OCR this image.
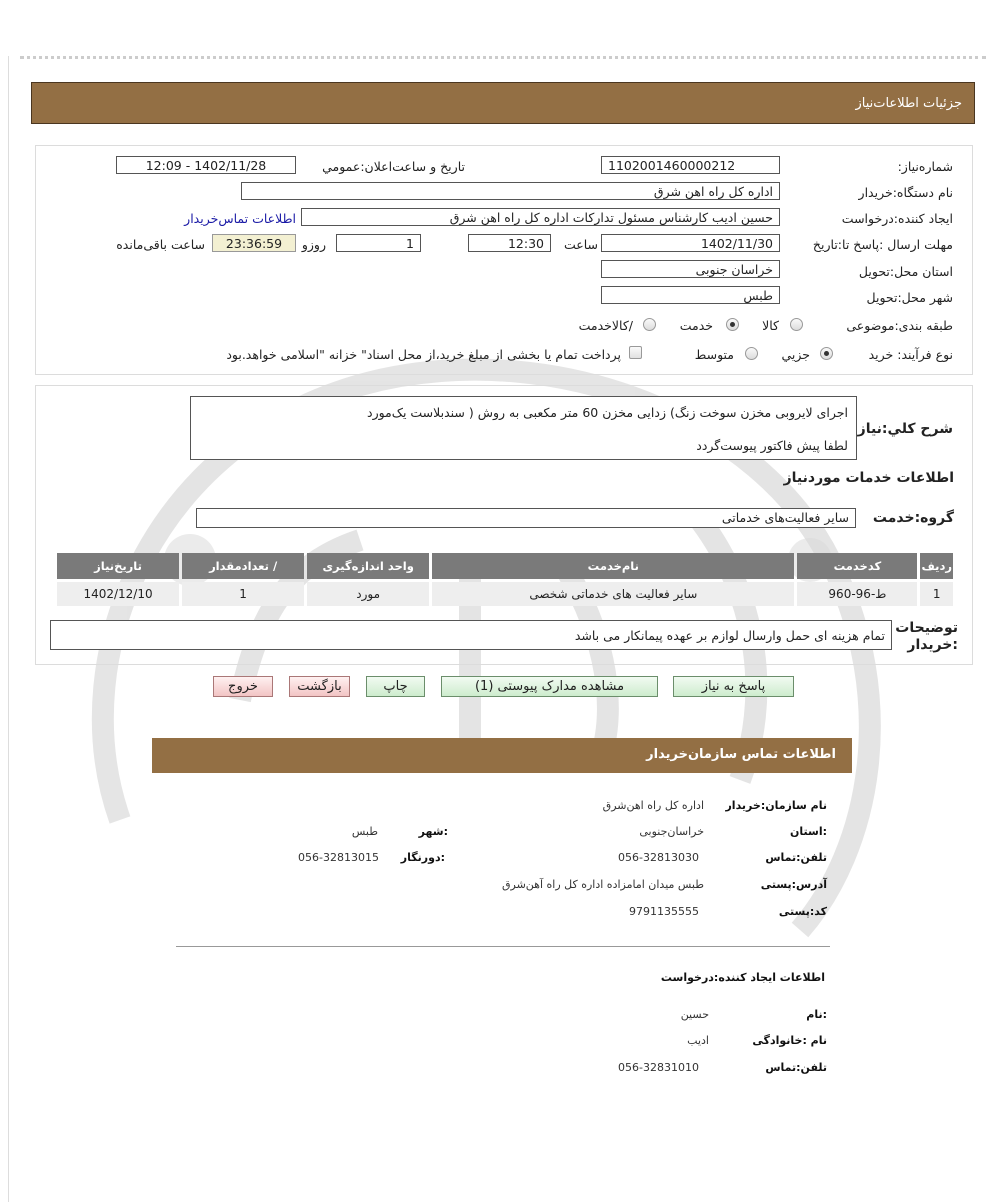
جزئیات اطلاعات‌نیاز
شماره‌نیاز:
1102001460000212
تاریخ و ساعت‌اعلان‌:عمومي
1402/11/28 - 12:09
نام دستگاه:خریدار
اداره کل راه اهن شرق
ایجاد کننده:درخواست
حسین ادیب کارشناس مسئول تدارکات اداره کل راه اهن شرق
اطلاعات تماس‌خریدار
مهلت ارسال :پاسخ تا:تاریخ
1402/11/30
ساعت
12:30
1
روزو
23:36:59
ساعت باقی‌مانده
استان محل:تحویل
خراسان جنوبی
شهر محل:تحویل
طبس
طبقه بندی:موضوعی
کالا
خدمت
/کالاخدمت
نوع فرآیند: خرید
جزیي
متوسط
پرداخت تمام یا بخشی از مبلغ خرید،از محل اسناد" خزانه "اسلامی خواهد.بود
شرح کلي:نیاز
اجرای لایروبی مخزن سوخت زنگ) زدایی مخزن 60 متر مکعبی به روش ( سندبلاست یک‌مورد
لطفا پیش فاکتور پیوست‌گردد
اطلاعات خدمات موردنیاز
گروه:خدمت
سایر فعالیت‌های خدماتی
ردیف	کدخدمت	نام‌خدمت	واحد اندازه‌گیری	/ تعدادمقدار	تاریخ‌نیاز
1	ط-96-960	سایر فعالیت های خدماتی شخصی	مورد	1	1402/12/10
توضیحات :خریدار
تمام هزینه ای حمل وارسال لوازم بر عهده پیمانکار می باشد
پاسخ به نیاز
مشاهده مدارک پیوستی (1)
چاپ
بازگشت
خروج
اطلاعات تماس سازمان‌خریدار
نام سازمان:خریدار
اداره کل راه اهن‌شرق
:استان
خراسان‌جنوبی
:شهر
طبس
تلفن:تماس
056-32813030
:دورنگار
056-32813015
آدرس:پستی
طبس میدان امامزاده اداره کل راه آهن‌شرق
کد:پستی
9791135555
اطلاعات ایجاد کننده:درخواست
:نام
حسین
نام :خانوادگی
ادیب
تلفن:تماس
056-32831010
